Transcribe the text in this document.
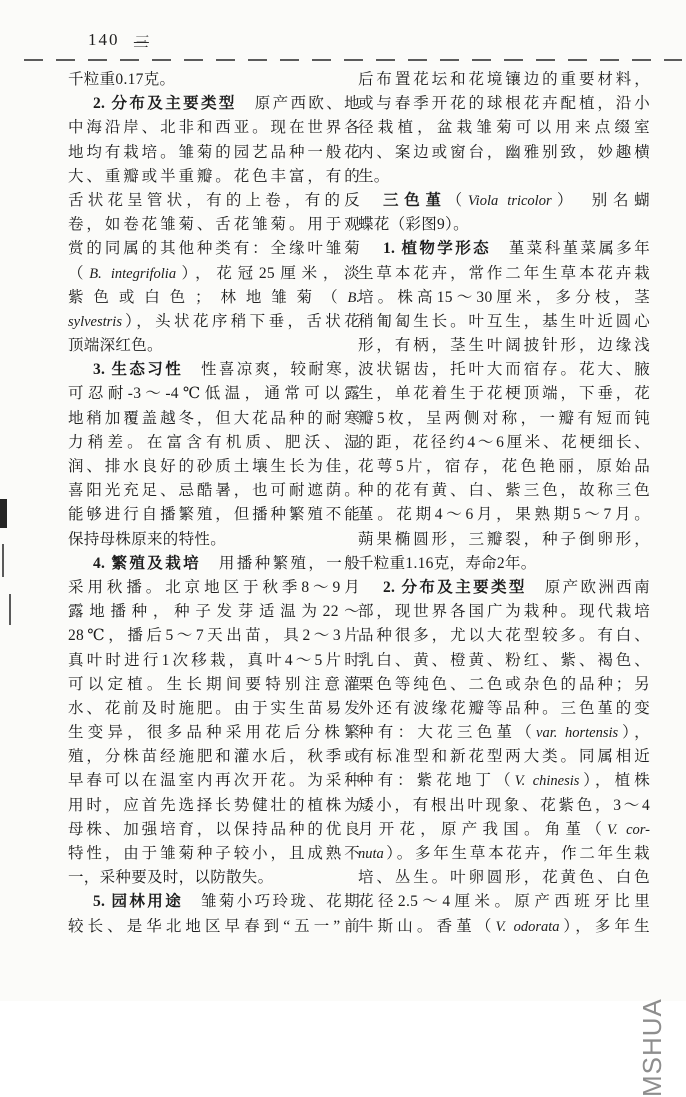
140 三
千粒重0.17克。
2. 分布及主要类型　原产西欧、地
中海沿岸、北非和西亚。现在世界各
地均有栽培。雏菊的园艺品种一般花
大、重瓣或半重瓣。花色丰富，有的
舌状花呈管状，有的上卷，有的反
卷，如卷花雏菊、舌花雏菊。用于观
赏的同属的其他种类有：全缘叶雏菊
（B. integrifolia），花冠25厘米，淡
紫色或白色；林地雏菊（B.
sylvestris），头状花序稍下垂，舌状花
顶端深红色。
3. 生态习性　性喜凉爽，较耐寒，
可忍耐-3～-4℃低温，通常可以露
地稍加覆盖越冬，但大花品种的耐寒
力稍差。在富含有机质、肥沃、湿
润、排水良好的砂质土壤生长为佳，
喜阳光充足、忌酷暑，也可耐遮荫。
能够进行自播繁殖，但播种繁殖不能
保持母株原来的特性。
4. 繁殖及栽培　用播种繁殖，一般
采用秋播。北京地区于秋季8～9月
露地播种，种子发芽适温为22～
28℃，播后5～7天出苗，具2～3片
真叶时进行1次移栽，真叶4～5片时
可以定植。生长期间要特别注意灌
水、花前及时施肥。由于实生苗易发
生变异，很多品种采用花后分株繁
殖，分株苗经施肥和灌水后，秋季或
早春可以在温室内再次开花。为采种
用时，应首先选择长势健壮的植株为
母株、加强培育，以保持品种的优良
特性，由于雏菊种子较小，且成熟不
一，采种要及时，以防散失。
5. 园林用途　雏菊小巧玲珑、花期
较长、是华北地区早春到“五一”前
后布置花坛和花境镶边的重要材料，
或与春季开花的球根花卉配植，沿小
径栽植，盆栽雏菊可以用来点缀室
内、案边或窗台，幽雅别致，妙趣横
生。
三色堇（Viola tricolor）　别名蝴
蝶花（彩图9）。
1. 植物学形态　堇菜科堇菜属多年
生草本花卉，常作二年生草本花卉栽
培。株高15～30厘米，多分枝，茎
稍匍匐生长。叶互生，基生叶近圆心
形，有柄，茎生叶阔披针形，边缘浅
波状锯齿，托叶大而宿存。花大、腋
生，单花着生于花梗顶端，下垂，花
瓣5枚，呈两侧对称，一瓣有短而钝
的距，花径约4～6厘米、花梗细长、
花萼5片，宿存，花色艳丽，原始品
种的花有黄、白、紫三色，故称三色
堇。花期4～6月，果熟期5～7月。
蒴果椭圆形，三瓣裂，种子倒卵形，
千粒重1.16克，寿命2年。
2. 分布及主要类型　原产欧洲西南
部，现世界各国广为栽种。现代栽培
品种很多，尤以大花型较多。有白、
乳白、黄、橙黄、粉红、紫、褐色、
栗色等纯色、二色或杂色的品种；另
外还有波缘花瓣等品种。三色堇的变
种有：大花三色堇（var. hortensis），
有标准型和新花型两大类。同属相近
种有：紫花地丁（V. chinesis），植株
矮小，有根出叶现象、花紫色，3～4
月开花，原产我国。角堇（V. cor-
nuta）。多年生草本花卉，作二年生栽
培、丛生。叶卵圆形，花黄色、白色
花径2.5～4厘米。原产西班牙比里
牛斯山。香堇（V. odorata），多年生
MSHUA
